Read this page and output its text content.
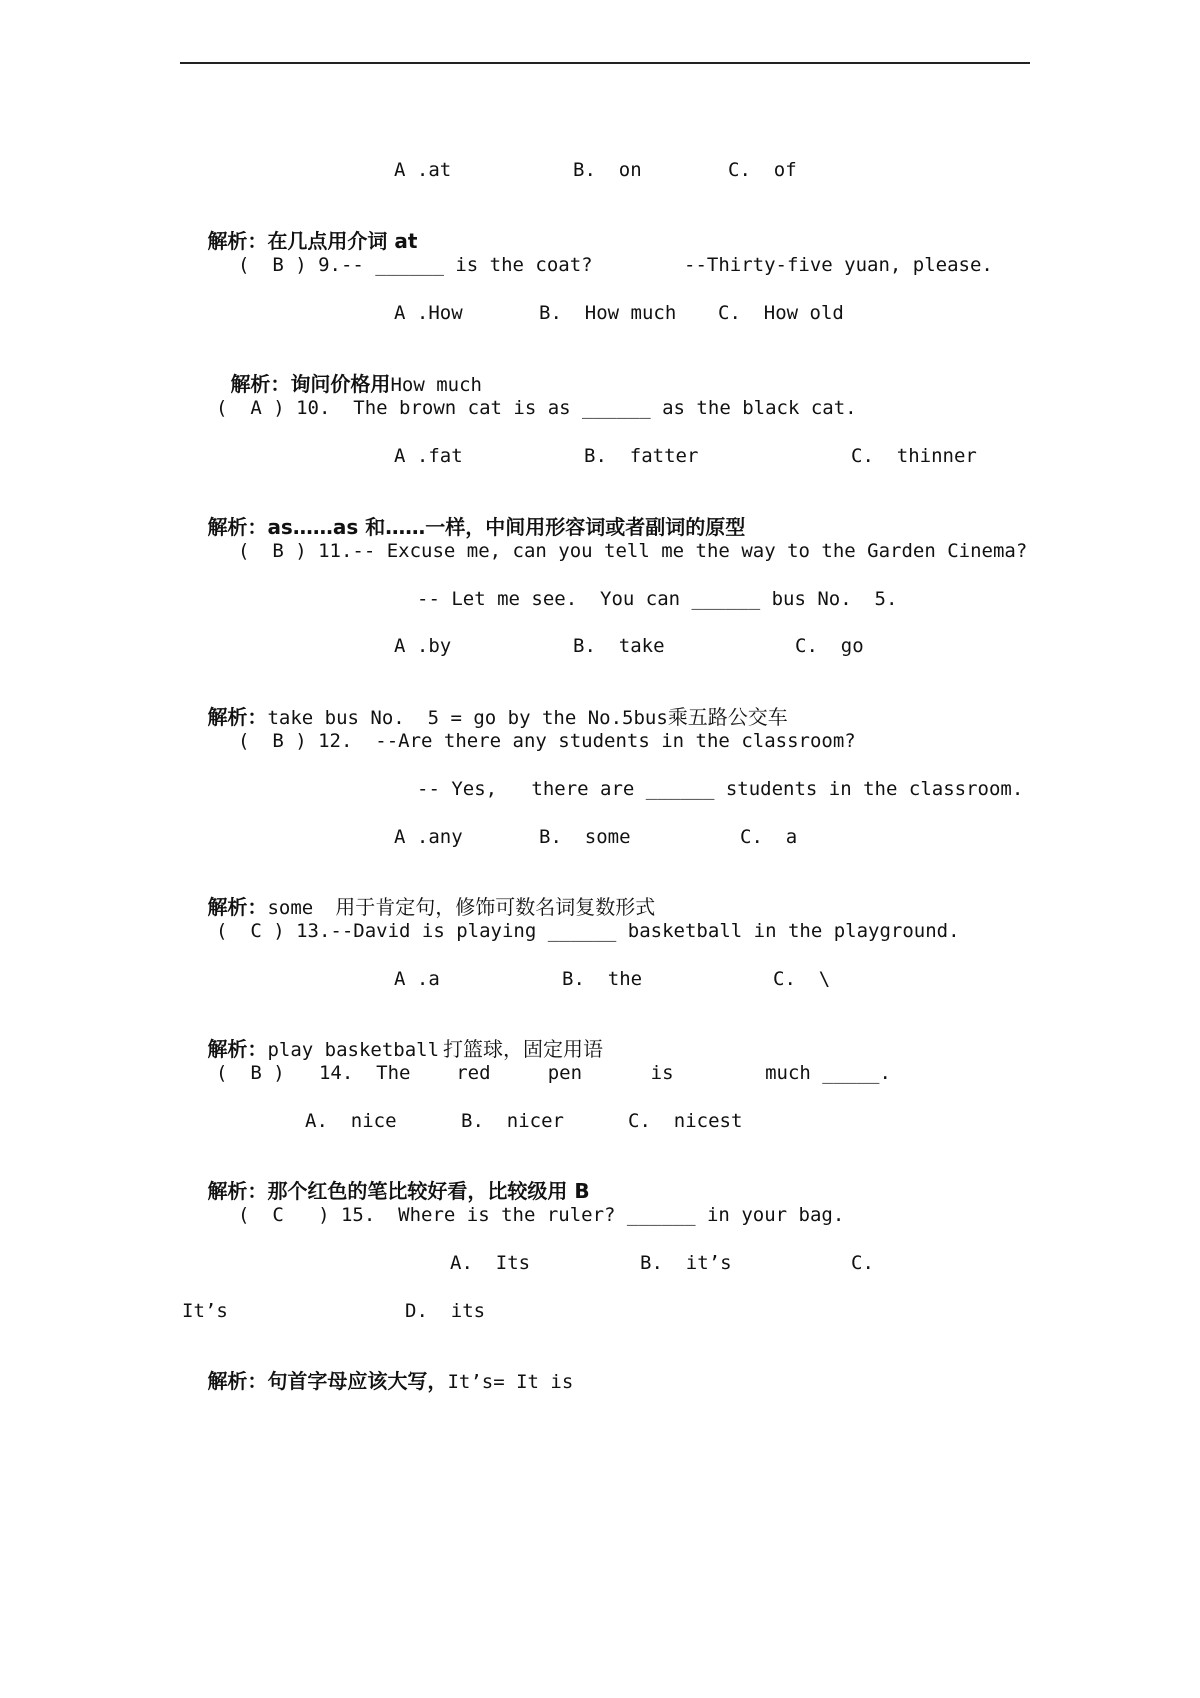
A .at	B.  on	C.  of

解析：在几点用介词 at

(  B ) 9.-- ______ is the coat?	--Thirty-five yuan, please.
A .How	B.  How much C.  How old

解析：询问价格用How much

(  A ) 10.  The brown cat is as ______ as the black cat.
A .fat	B.  fatter	C.  thinner

解析：as……as 和……一样，中间用形容词或者副词的原型

(  B ) 11.-- Excuse me, can you tell me the way to the Garden Cinema?
-- Let me see.  You can ______ bus No.  5.
A .by	B.  take	C.  go

解析：take bus No.  5 = go by the No.5bus乘五路公交车

(  B ) 12.  --Are there any students in the classroom?
-- Yes,   there are ______ students in the classroom.
A .any	B.  some	C.  a

解析：some 用于肯定句，修饰可数名词复数形式

(  C ) 13.--David is playing ______ basketball in the playground.
A .a	B.  the	C.  \

解析：play basketball 打篮球，固定用语

(  B )   14.  The    red     pen      is        much _____.
A.  nice	B.  nicer	C.  nicest

解析：那个红色的笔比较好看，比较级用 B

(  C   ) 15.  Where is the ruler? ______ in your bag.
A.  Its	B.  it’s	C.
It’s	D.  its

解析：句首字母应该大写，It’s= It is
